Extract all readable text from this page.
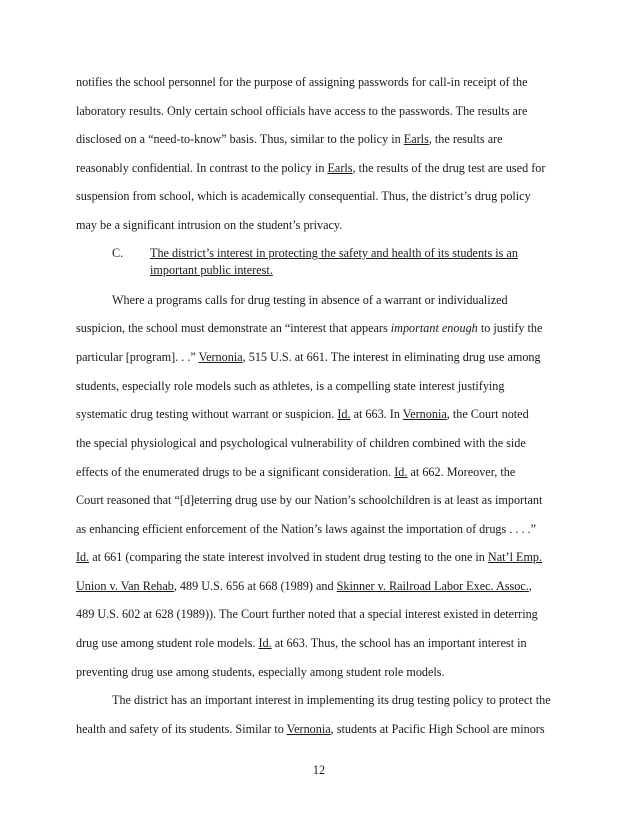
notifies the school personnel for the purpose of assigning passwords for call-in receipt of the
laboratory results. Only certain school officials have access to the passwords. The results are
disclosed on a “need-to-know” basis. Thus, similar to the policy in Earls, the results are
reasonably confidential. In contrast to the policy in Earls, the results of the drug test are used for
suspension from school, which is academically consequential. Thus, the district’s drug policy
may be a significant intrusion on the student’s privacy.
C. The district’s interest in protecting the safety and health of its students is an
important public interest.
Where a programs calls for drug testing in absence of a warrant or individualized
suspicion, the school must demonstrate an “interest that appears important enough to justify the
particular [program]. . .” Vernonia, 515 U.S. at 661. The interest in eliminating drug use among
students, especially role models such as athletes, is a compelling state interest justifying
systematic drug testing without warrant or suspicion. Id. at 663. In Vernonia, the Court noted
the special physiological and psychological vulnerability of children combined with the side
effects of the enumerated drugs to be a significant consideration. Id. at 662. Moreover, the
Court reasoned that “[d]eterring drug use by our Nation’s schoolchildren is at least as important
as enhancing efficient enforcement of the Nation’s laws against the importation of drugs . . . .”
Id. at 661 (comparing the state interest involved in student drug testing to the one in Nat’l Emp.
Union v. Van Rehab, 489 U.S. 656 at 668 (1989) and Skinner v. Railroad Labor Exec. Assoc.,
489 U.S. 602 at 628 (1989)). The Court further noted that a special interest existed in deterring
drug use among student role models. Id. at 663. Thus, the school has an important interest in
preventing drug use among students, especially among student role models.
The district has an important interest in implementing its drug testing policy to protect the
health and safety of its students. Similar to Vernonia, students at Pacific High School are minors
12
